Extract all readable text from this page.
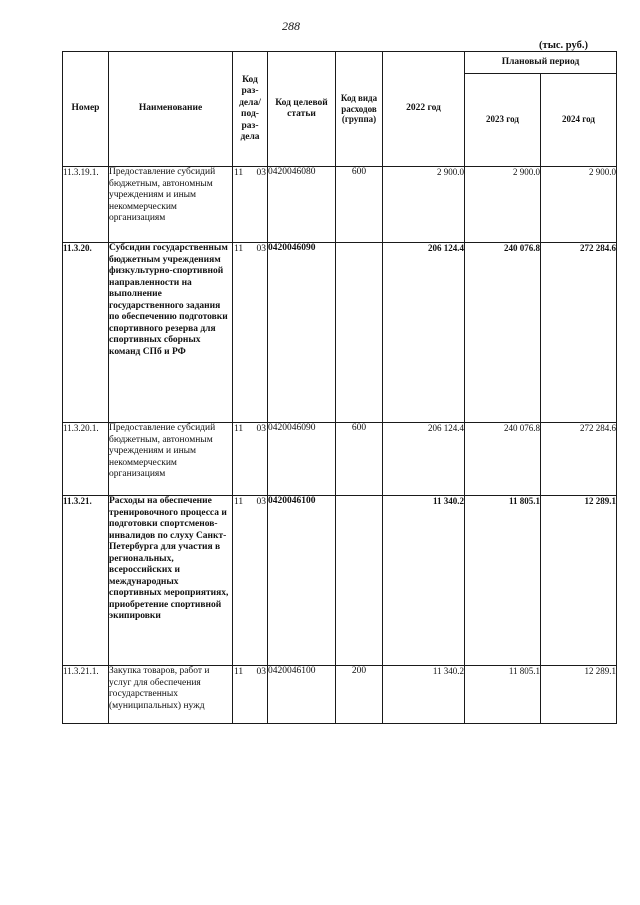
288
(тыс. руб.)
Номер	Наименование	Код раз-дела/ под-раз-дела	Код целевой статьи	Код вида расходов (группа)	2022 год	Плановый период	
						2023 год	2024 год
11.3.19.1.	Предоставление субсидий бюджетным, автономным учреждениям и иным некоммерческим организациям	11 03	0420046080	600	2 900.0	2 900.0	2 900.0
11.3.20.	Субсидии государственным бюджетным учреждениям физкультурно-спортивной направленности на выполнение государственного задания по обеспечению подготовки спортивного резерва для спортивных сборных команд СПб и РФ	11 03	0420046090		206 124.4	240 076.8	272 284.6
11.3.20.1.	Предоставление субсидий бюджетным, автономным учреждениям и иным некоммерческим организациям	11 03	0420046090	600	206 124.4	240 076.8	272 284.6
11.3.21.	Расходы на обеспечение тренировочного процесса и подготовки спортсменов-инвалидов по слуху Санкт-Петербурга для участия в региональных, всероссийских и международных спортивных мероприятиях, приобретение спортивной экипировки	11 03	0420046100		11 340.2	11 805.1	12 289.1
11.3.21.1.	Закупка товаров, работ и услуг для обеспечения государственных (муниципальных) нужд	11 03	0420046100	200	11 340.2	11 805.1	12 289.1
